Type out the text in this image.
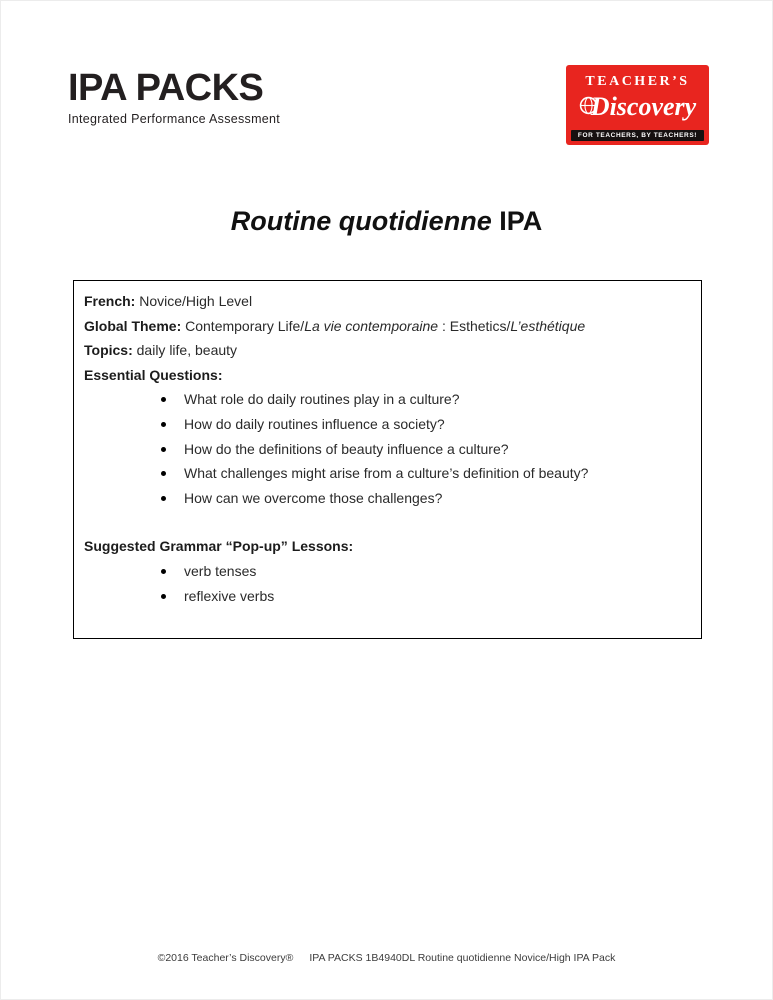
IPA PACKS
Integrated Performance Assessment
TEACHER’S
Discovery
FOR TEACHERS, BY TEACHERS!
Routine quotidienne IPA

French: Novice/High Level

Global Theme: Contemporary Life/La vie contemporaine : Esthetics/L’esthétique

Topics: daily life, beauty

Essential Questions:

What role do daily routines play in a culture?
How do daily routines influence a society?
How do the definitions of beauty influence a culture?
What challenges might arise from a culture’s definition of beauty?
How can we overcome those challenges?

Suggested Grammar “Pop-up” Lessons:

verb tenses
reflexive verbs
©2016 Teacher’s Discovery® IPA PACKS 1B4940DL Routine quotidienne Novice/High IPA Pack
